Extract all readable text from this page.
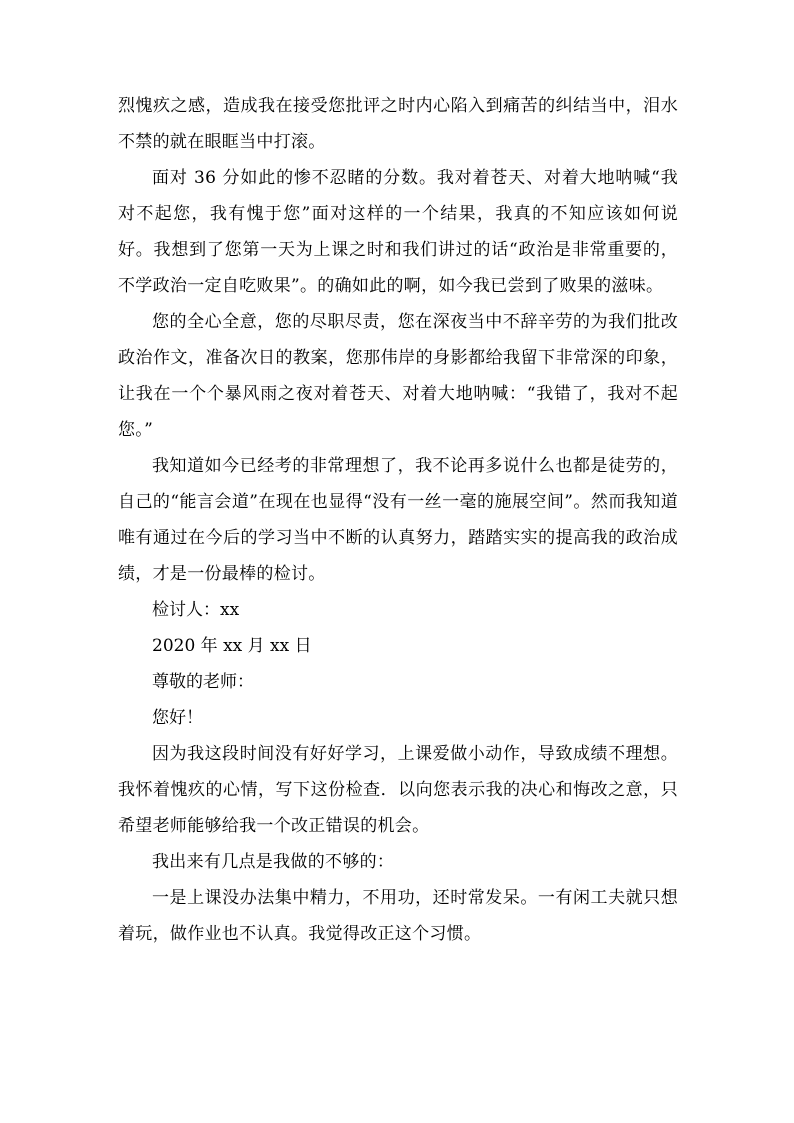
烈愧疚之感，造成我在接受您批评之时内心陷入到痛苦的纠结当中，泪水不禁的就在眼眶当中打滚。

面对 36 分如此的惨不忍睹的分数。我对着苍天、对着大地呐喊“我对不起您，我有愧于您”面对这样的一个结果，我真的不知应该如何说好。我想到了您第一天为上课之时和我们讲过的话“政治是非常重要的，不学政治一定自吃败果”。的确如此的啊，如今我已尝到了败果的滋味。

您的全心全意，您的尽职尽责，您在深夜当中不辞辛劳的为我们批改政治作文，准备次日的教案，您那伟岸的身影都给我留下非常深的印象，让我在一个个暴风雨之夜对着苍天、对着大地呐喊：“我错了，我对不起您。”

我知道如今已经考的非常理想了，我不论再多说什么也都是徒劳的，自己的“能言会道”在现在也显得“没有一丝一毫的施展空间”。然而我知道唯有通过在今后的学习当中不断的认真努力，踏踏实实的提高我的政治成绩，才是一份最棒的检讨。

检讨人：xx

2020 年 xx 月 xx 日

尊敬的老师：

您好！

因为我这段时间没有好好学习，上课爱做小动作，导致成绩不理想。我怀着愧疚的心情，写下这份检查．以向您表示我的决心和悔改之意，只希望老师能够给我一个改正错误的机会。

我出来有几点是我做的不够的：

一是上课没办法集中精力，不用功，还时常发呆。一有闲工夫就只想着玩，做作业也不认真。我觉得改正这个习惯。
